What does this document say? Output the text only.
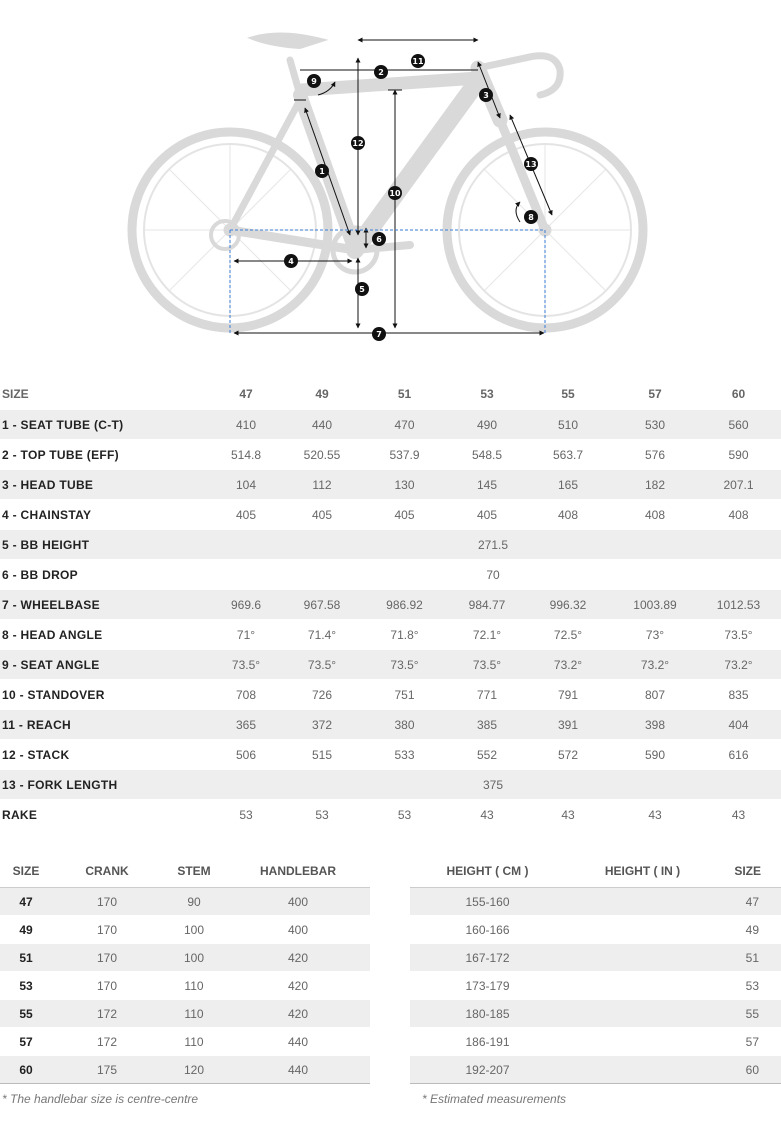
1
2
3
4
5
6
7
8
9
10
11
12
13
SIZE	47	49	51	53	55	57	60
1 - SEAT TUBE (C-T)	410	440	470	490	510	530	560
2 - TOP TUBE (EFF)	514.8	520.55	537.9	548.5	563.7	576	590
3 - HEAD TUBE	104	112	130	145	165	182	207.1
4 - CHAINSTAY	405	405	405	405	408	408	408
5 - BB HEIGHT	271.5						
6 - BB DROP	70						
7 - WHEELBASE	969.6	967.58	986.92	984.77	996.32	1003.89	1012.53
8 - HEAD ANGLE	71°	71.4°	71.8°	72.1°	72.5°	73°	73.5°
9 - SEAT ANGLE	73.5°	73.5°	73.5°	73.5°	73.2°	73.2°	73.2°
10 - STANDOVER	708	726	751	771	791	807	835
11 - REACH	365	372	380	385	391	398	404
12 - STACK	506	515	533	552	572	590	616
13 - FORK LENGTH	375						
RAKE	53	53	53	43	43	43	43
SIZE	CRANK	STEM	HANDLEBAR
47	170	90	400
49	170	100	400
51	170	100	420
53	170	110	420
55	172	110	420
57	172	110	440
60	175	120	440
HEIGHT ( CM )	HEIGHT ( IN )	SIZE
155-160		47
160-166		49
167-172		51
173-179		53
180-185		55
186-191		57
192-207		60
* The handlebar size is centre-centre	* Estimated measurements
